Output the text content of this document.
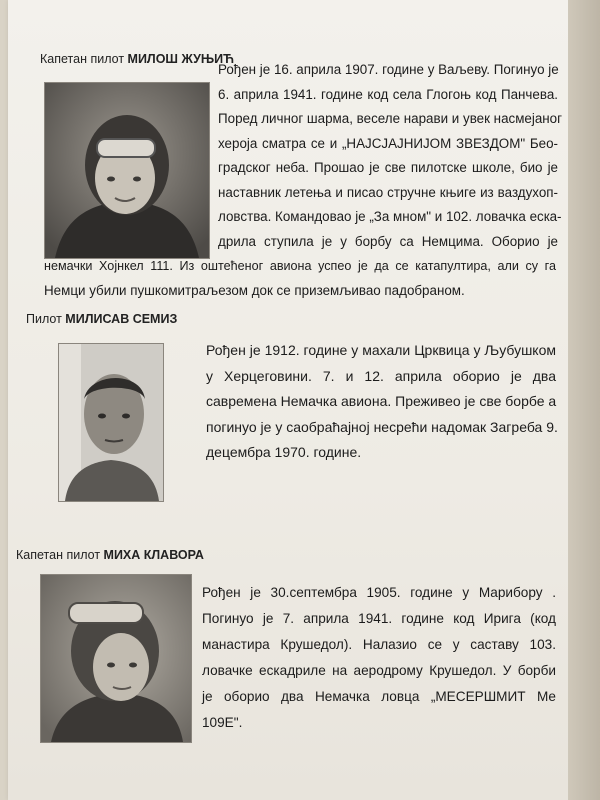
Капетан пилот МИЛОШ ЖУЊИЋ
Рођен је 16. априла 1907. године у Ваљеву. Погинуо је
6. априла 1941. године код села Глогоњ код Панчева.
Поред личног шарма, веселе нарави и увек насмејаног
хероја сматра се и „НАЈСЈАЈНИЈОМ ЗВЕЗДОМ" Бео-
градског неба. Прошао је све пилотске школе, био је
наставник летења и писао стручне књиге из ваздухоп-
ловства. Командовао је „За мном" и 102. ловачка ескa-
дрила ступила је у борбу са Немцима. Оборио је
немачки Хојнкел 111. Из оштећеног авиона успео је да се катапултира, али су га
Немци убили пушкомитраљезом док се приземљивао падобраном.
Пилот МИЛИСАВ СЕМИЗ
Рођен је 1912. године у махали Црквица у Љубушком
у Херцеговини. 7. и 12. априла оборио је два
савремена Немачка авиона. Преживео је све борбе а
погинуо је у саобраћајној несрећи надомак Загреба 9.
децембра 1970. године.
Капетан пилот МИХА КЛАВОРА
Рођен је 30.септембра 1905. године у Марибору .
Погинуо је 7. априла 1941. године код Ирига (код
манастира Крушедол). Налазио се у саставу 103.
ловачке ескадриле на аеродрому Крушедол. У борби
је оборио два Немачка ловца „МЕСЕРШМИТ Ме
109Е".
